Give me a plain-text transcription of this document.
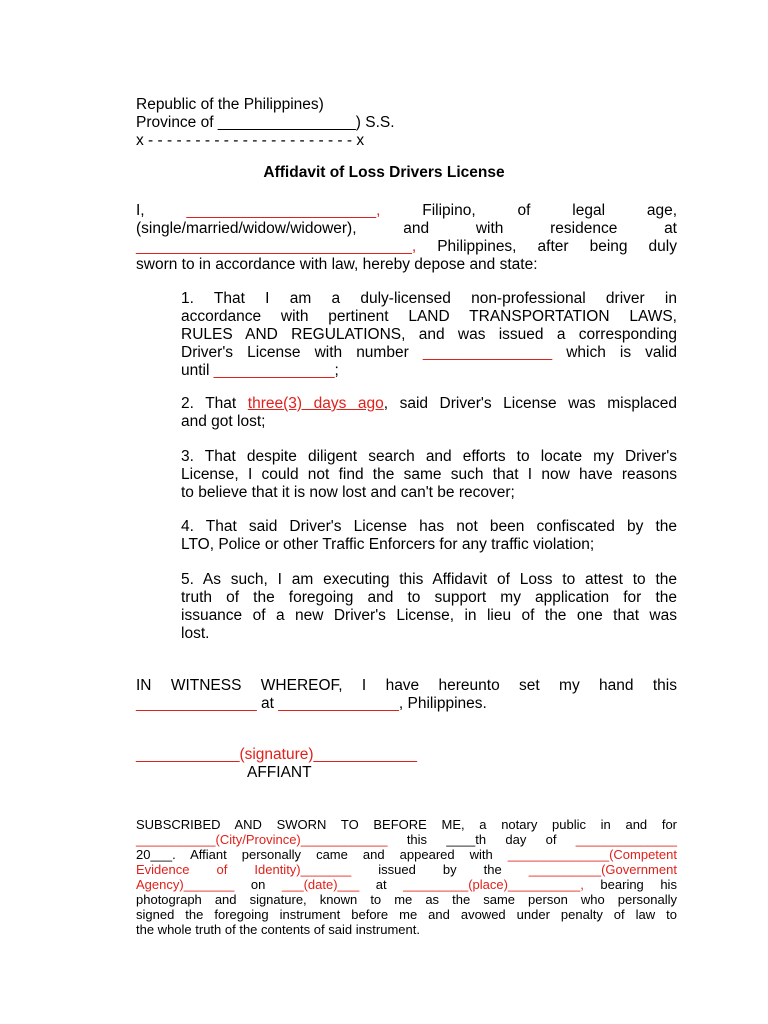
Republic of the Philippines)
Province of ________________) S.S.
x - - - - - - - - - - - - - - - - - - - - - - x
Affidavit of Loss Drivers License
I,	______________________,	Filipino,	of	legal	age,
(single/married/widow/widower),	and	with	residence	at
________________________________, Philippines, after being duly
sworn to in accordance with law, hereby depose and state:
1. That I am a duly-licensed non-professional driver in
accordance with pertinent LAND TRANSPORTATION LAWS,
RULES AND REGULATIONS, and was issued a corresponding
Driver's License with number _______________ which is valid
until ______________;
2. That three(3) days ago, said Driver's License was misplaced
and got lost;
3. That despite diligent search and efforts to locate my Driver's
License, I could not find the same such that I now have reasons
to believe that it is now lost and can't be recover;
4. That said Driver's License has not been confiscated by the
LTO, Police or other Traffic Enforcers for any traffic violation;
5. As such, I am executing this Affidavit of Loss to attest to the
truth of the foregoing and to support my application for the
issuance of a new Driver's License, in lieu of the one that was
lost.
IN WITNESS WHEREOF, I have hereunto set my hand this
______________ at ______________, Philippines.
____________(signature)____________
AFFIANT
SUBSCRIBED AND SWORN TO BEFORE ME, a notary public in and for
___________(City/Province)____________ this ____th day of ______________
20___. Affiant personally came and appeared with ______________(Competent
Evidence of Identity)_______ issued by the __________(Government
Agency)_______ on ___(date)___ at _________(place)__________, bearing his
photograph and signature, known to me as the same person who personally
signed the foregoing instrument before me and avowed under penalty of law to
the whole truth of the contents of said instrument.
